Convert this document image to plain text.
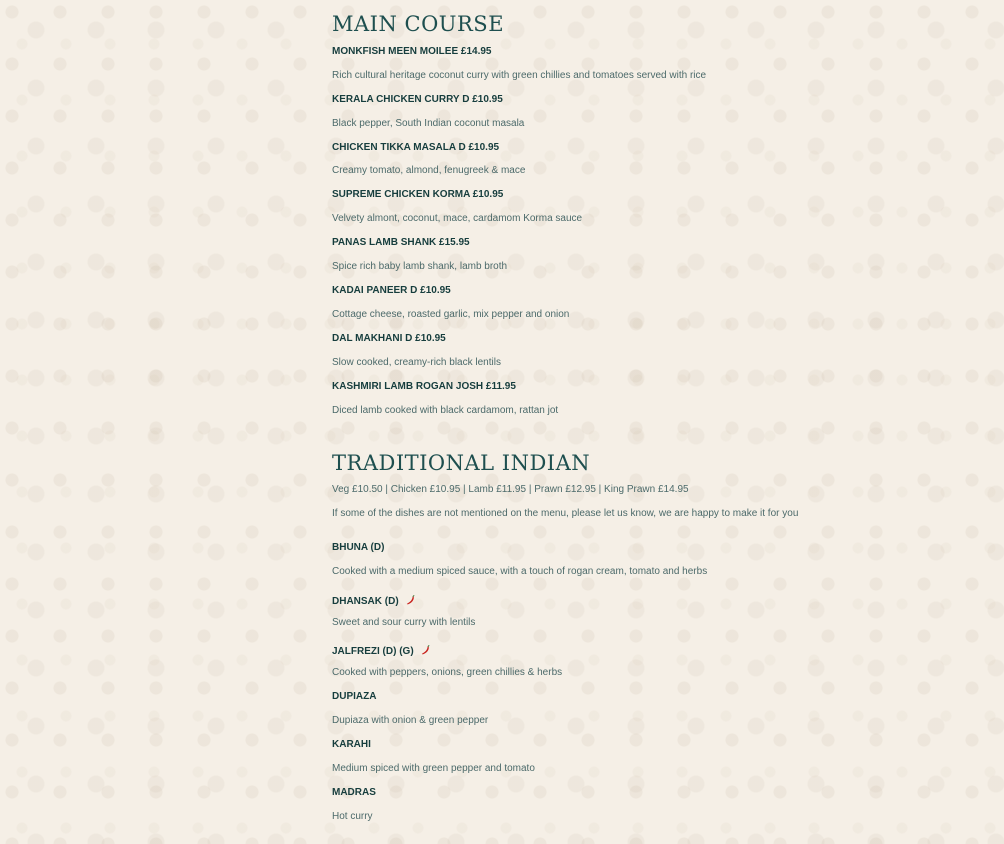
MAIN COURSE

MONKFISH MEEN MOILEE £14.95

Rich cultural heritage coconut curry with green chillies and tomatoes served with rice

KERALA CHICKEN CURRY D £10.95

Black pepper, South Indian coconut masala

CHICKEN TIKKA MASALA D £10.95

Creamy tomato, almond, fenugreek & mace

SUPREME CHICKEN KORMA £10.95

Velvety almont, coconut, mace, cardamom Korma sauce

PANAS LAMB SHANK £15.95

Spice rich baby lamb shank, lamb broth

KADAI PANEER D £10.95

Cottage cheese, roasted garlic, mix pepper and onion

DAL MAKHANI D £10.95

Slow cooked, creamy-rich black lentils

KASHMIRI LAMB ROGAN JOSH £11.95

Diced lamb cooked with black cardamom, rattan jot

TRADITIONAL INDIAN

Veg £10.50 | Chicken £10.95 | Lamb £11.95 | Prawn £12.95 | King Prawn £14.95

If some of the dishes are not mentioned on the menu, please let us know, we are happy to make it for you

BHUNA (D)

Cooked with a medium spiced sauce, with a touch of rogan cream, tomato and herbs

DHANSAK (D)

Sweet and sour curry with lentils

JALFREZI (D) (G)

Cooked with peppers, onions, green chillies & herbs

DUPIAZA

Dupiaza with onion & green pepper

KARAHI

Medium spiced with green pepper and tomato

MADRAS

Hot curry
